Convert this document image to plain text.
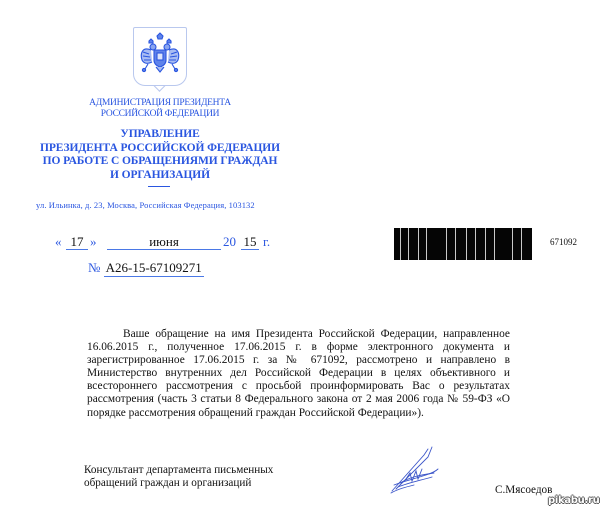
АДМИНИСТРАЦИЯ ПРЕЗИДЕНТА
РОССИЙСКОЙ ФЕДЕРАЦИИ
УПРАВЛЕНИЕ
ПРЕЗИДЕНТА РОССИЙСКОЙ ФЕДЕРАЦИИ
ПО РАБОТЕ С ОБРАЩЕНИЯМИ ГРАЖДАН
И ОРГАНИЗАЦИЙ
ул. Ильинка, д. 23, Москва, Российская Федерация, 103132
« 17 »	июня	20 15 г.
№ А26-15-67109271
671092

Ваше обращение на имя Президента Российской Федерации, направленное 16.06.2015 г., полученное 17.06.2015 г. в форме электронного документа и зарегистрированное 17.06.2015 г. за № 671092, рассмотрено и направлено в Министерство внутренних дел Российской Федерации в целях объективного и всестороннего рассмотрения с просьбой проинформировать Вас о результатах рассмотрения (часть 3 статьи 8 Федерального закона от 2 мая 2006 года № 59-ФЗ «О порядке рассмотрения обращений граждан Российской Федерации»).

Консультант департамента письменных
обращений граждан и организаций
С.Мясоедов
pikabu.ru
